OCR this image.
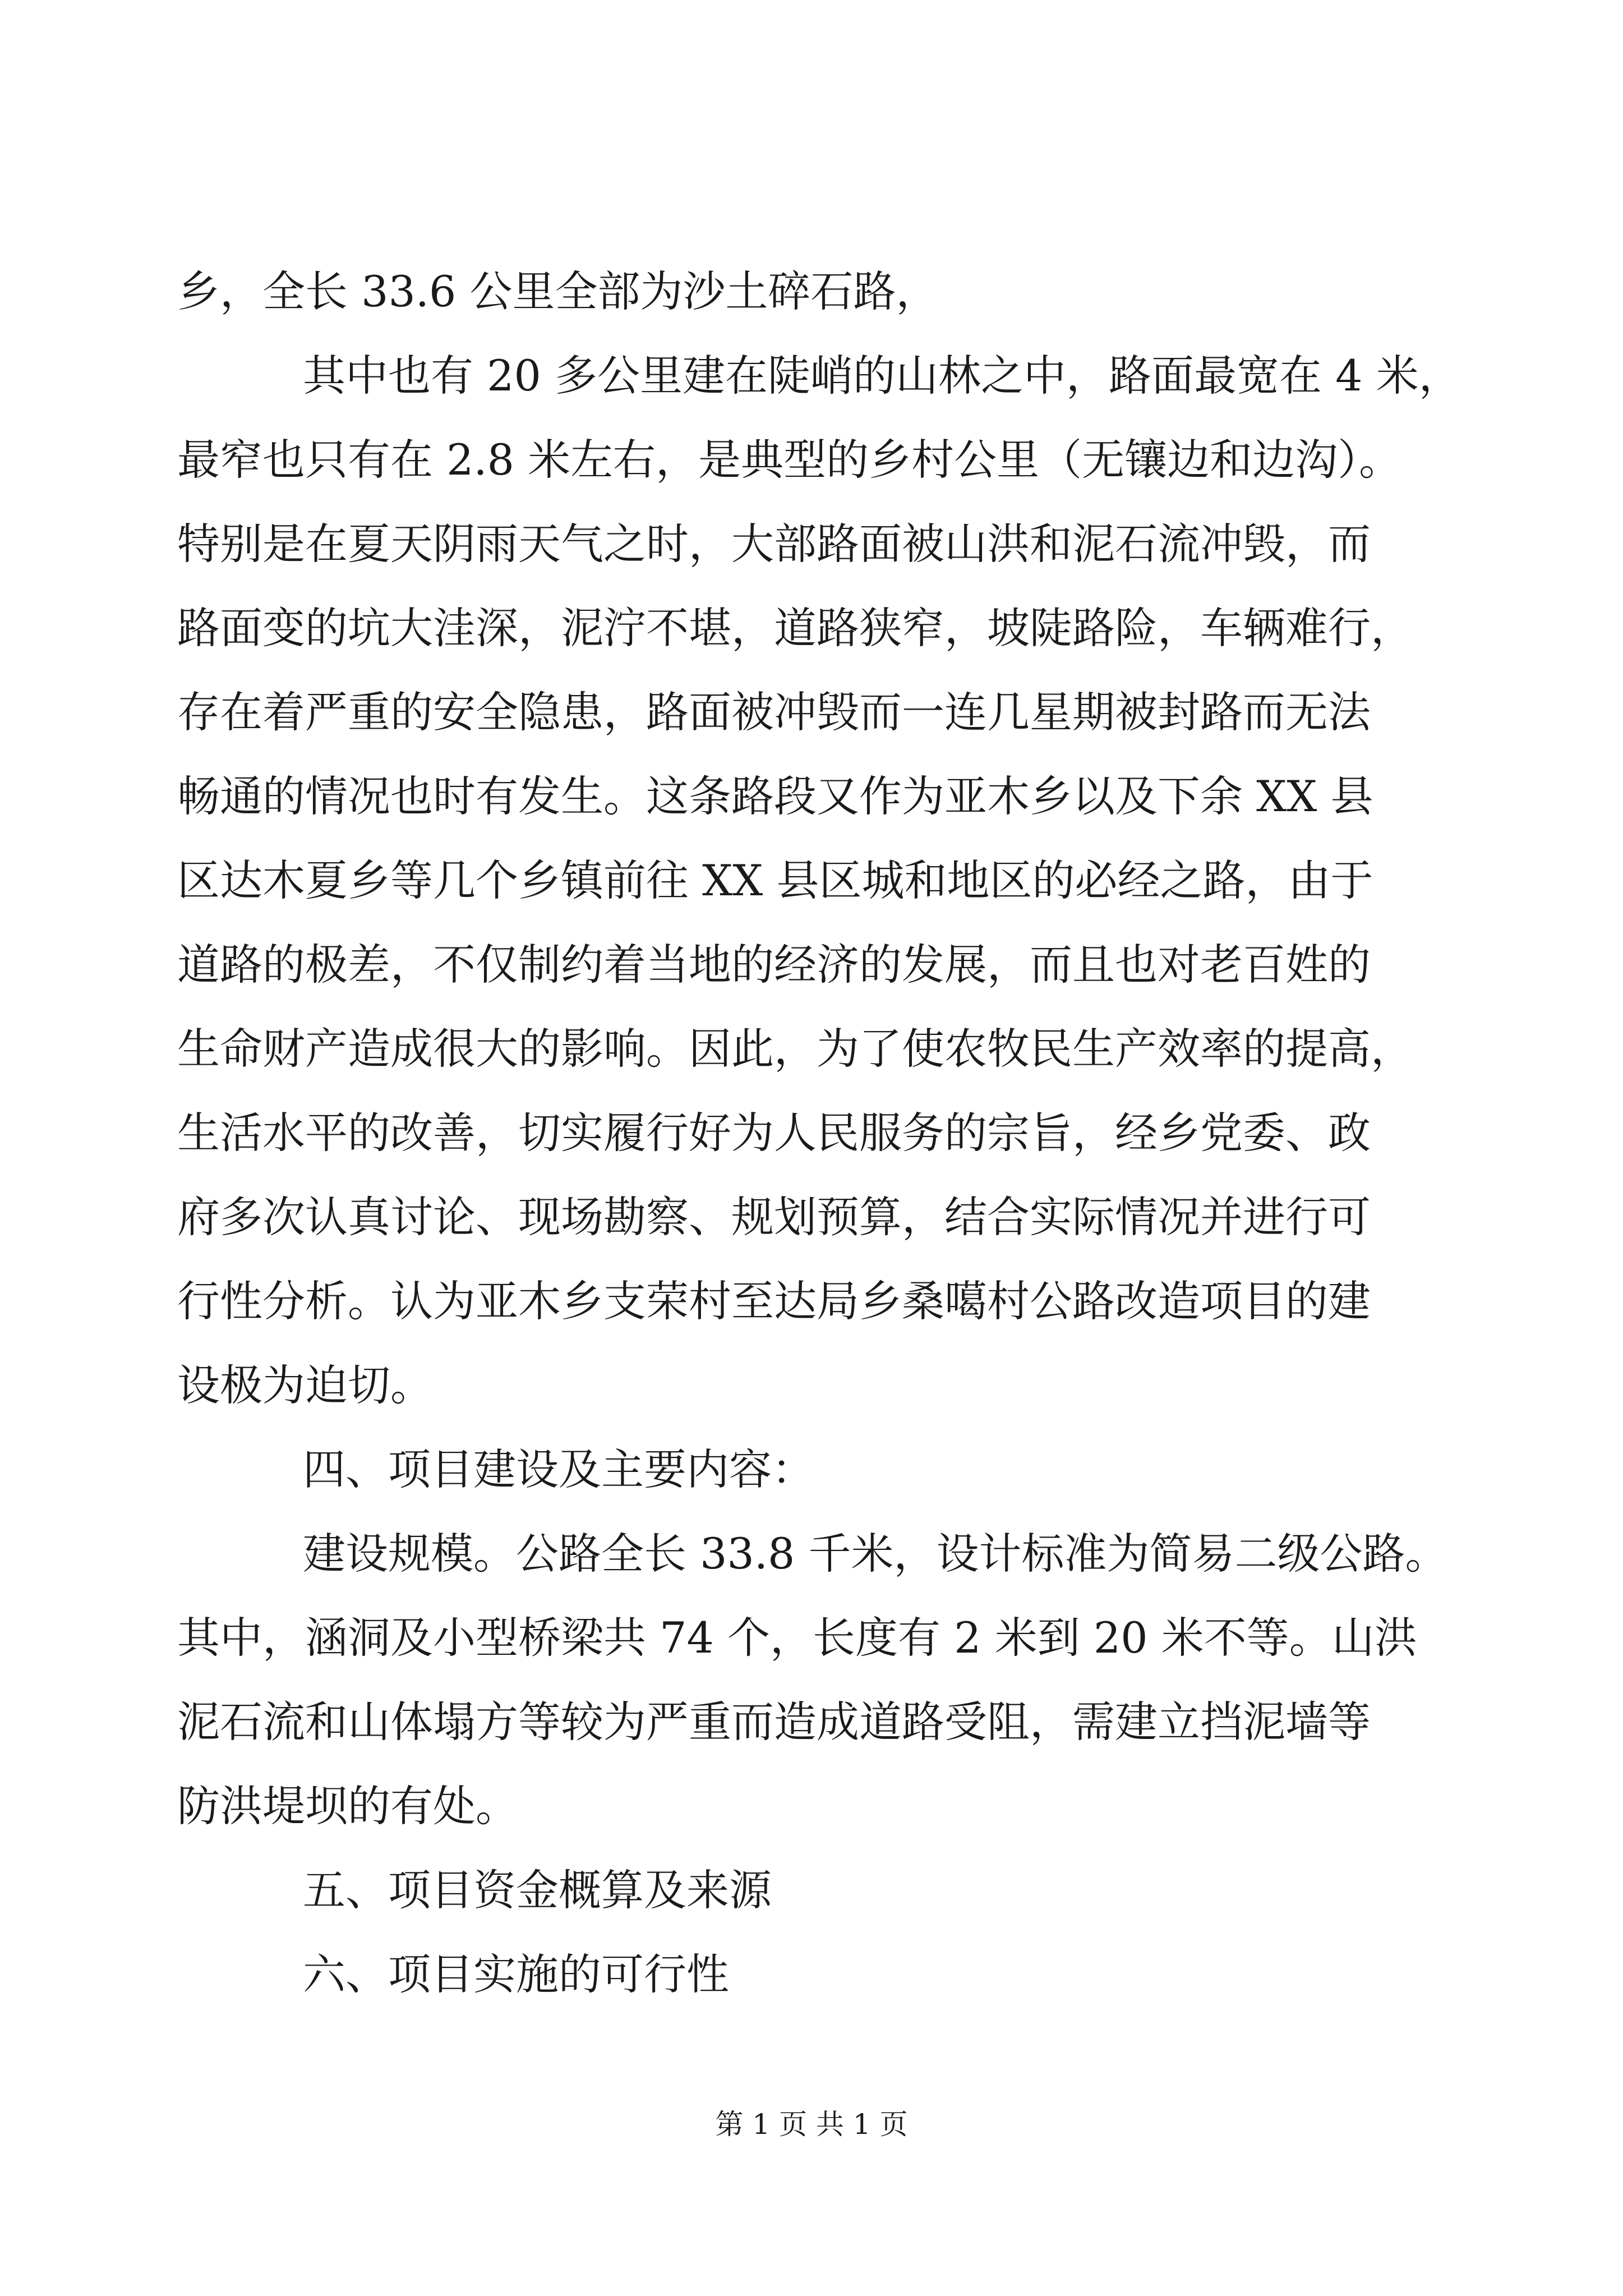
乡，全长 33.6 公里全部为沙土碎石路，
其中也有 20 多公里建在陡峭的山林之中，路面最宽在 4 米，
最窄也只有在 2.8 米左右，是典型的乡村公里（无镶边和边沟）。
特别是在夏天阴雨天气之时，大部路面被山洪和泥石流冲毁，而
路面变的坑大洼深，泥泞不堪，道路狭窄，坡陡路险，车辆难行，
存在着严重的安全隐患，路面被冲毁而一连几星期被封路而无法
畅通的情况也时有发生。这条路段又作为亚木乡以及下余 XX 县
区达木夏乡等几个乡镇前往 XX 县区城和地区的必经之路，由于
道路的极差，不仅制约着当地的经济的发展，而且也对老百姓的
生命财产造成很大的影响。因此，为了使农牧民生产效率的提高，
生活水平的改善，切实履行好为人民服务的宗旨，经乡党委、政
府多次认真讨论、现场勘察、规划预算，结合实际情况并进行可
行性分析。认为亚木乡支荣村至达局乡桑噶村公路改造项目的建
设极为迫切。
四、项目建设及主要内容：
建设规模。公路全长 33.8 千米，设计标准为简易二级公路。
其中，涵洞及小型桥梁共 74 个，长度有 2 米到 20 米不等。山洪
泥石流和山体塌方等较为严重而造成道路受阻，需建立挡泥墙等
防洪堤坝的有处。
五、项目资金概算及来源
六、项目实施的可行性
第 1 页 共 1 页
